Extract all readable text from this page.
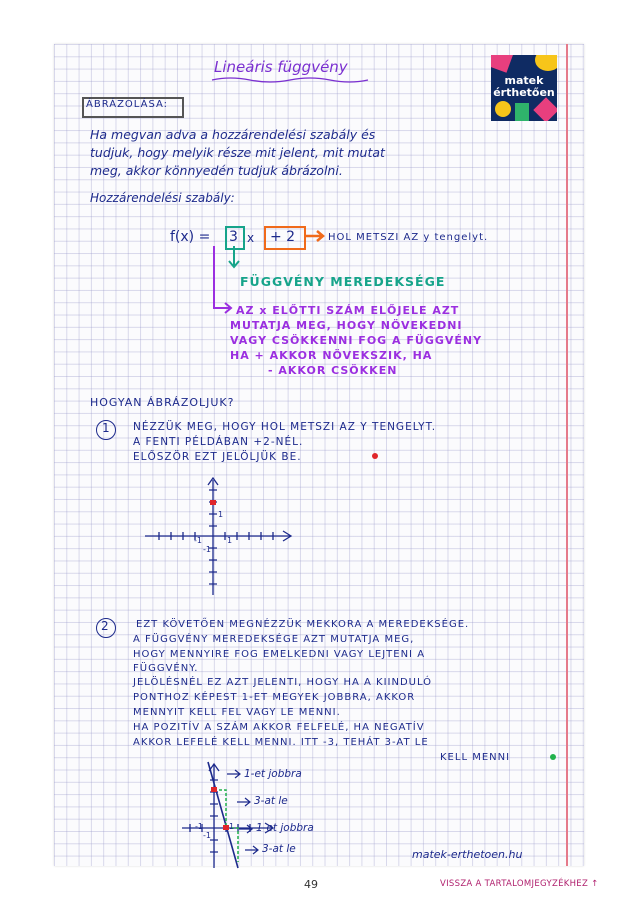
Lineáris függvény
matek
érthetően
ÁBRÁZOLÁSA:
Ha megvan adva a hozzárendelési szabály és
tudjuk, hogy melyik része mit jelent, mit mutat
meg, akkor könnyedén tudjuk ábrázolni.
Hozzárendelési szabály:
f(x) = 3 x + 2	HOL METSZI AZ y tengelyt.
FÜGGVÉNY MEREDEKSÉGE
AZ x ELŐTTI SZÁM ELŐJELE AZT
MUTATJA MEG, HOGY NÖVEKEDNI
VAGY CSÖKKENNI FOG A FÜGGVÉNY
HA + AKKOR NÖVEKSZIK, HA
- AKKOR CSÖKKEN
HOGYAN ÁBRÁZOLJUK?
1 NÉZZÜK MEG, HOGY HOL METSZI AZ Y TENGELYT.
A FENTI PÉLDÁBAN +2-NÉL.
ELŐSZÖR EZT JELÖLJÜK BE.
1
1
-1
-1
2	EZT KÖVETŐEN MEGNÉZZÜK MEKKORA A MEREDEKSÉGE.
A FÜGGVÉNY MEREDEKSÉGE AZT MUTATJA MEG,
HOGY MENNYIRE FOG EMELKEDNI VAGY LEJTENI A
FÜGGVÉNY.
JELÖLÉSNÉL EZ AZT JELENTI, HOGY HA A KIINDULÓ
PONTHOZ KÉPEST 1-ET MEGYEK JOBBRA, AKKOR
MENNYIT KELL FEL VAGY LE MENNI.
HA POZITÍV A SZÁM AKKOR FELFELÉ, HA NEGATÍV
AKKOR LEFELÉ KELL MENNI. ITT -3, TEHÁT 3-AT LE
KELL MENNI
1-et jobbra
3-at le
1-et jobbra
3-at le
-1
-1
1
matek-erthetoen.hu
49	VISSZA A TARTALOMJEGYZÉKHEZ ↑
